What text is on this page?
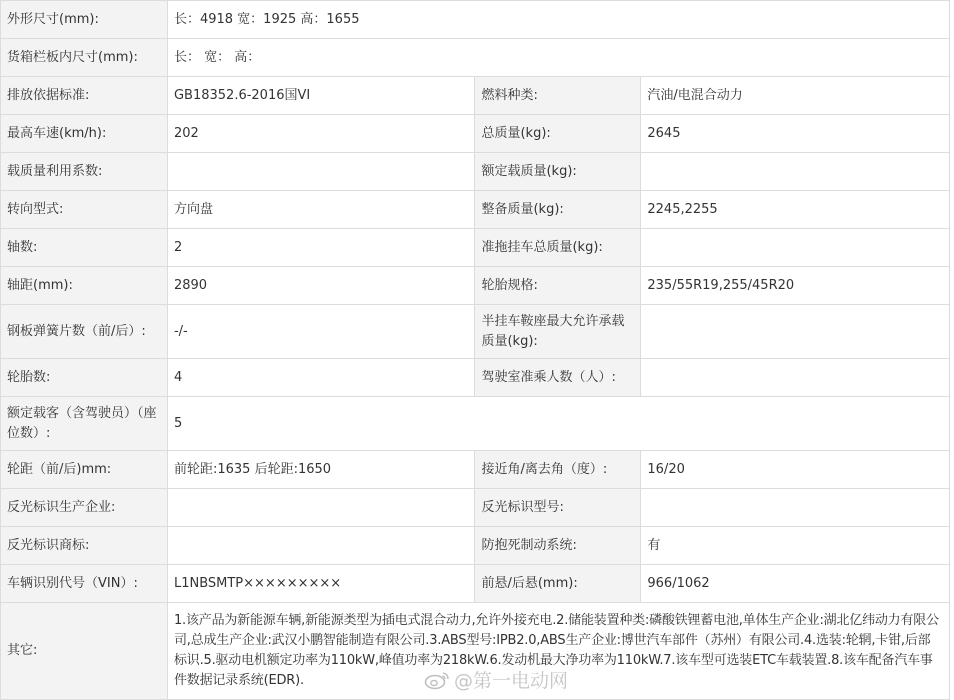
外形尺寸(mm):	长：4918 宽：1925 高：1655		
货箱栏板内尺寸(mm):	长： 宽： 高：		
排放依据标准:	GB18352.6-2016国VI	燃料种类:	汽油/电混合动力
最高车速(km/h):	202	总质量(kg):	2645
载质量利用系数:		额定载质量(kg):	
转向型式:	方向盘	整备质量(kg):	2245,2255
轴数:	2	准拖挂车总质量(kg):	
轴距(mm):	2890	轮胎规格:	235/55R19,255/45R20
钢板弹簧片数（前/后）:	-/-	半挂车鞍座最大允许承载质量(kg):	
轮胎数:	4	驾驶室准乘人数（人）:	
额定载客（含驾驶员）（座位数）:	5		
轮距（前/后)mm:	前轮距:1635 后轮距:1650	接近角/离去角（度）:	16/20
反光标识生产企业:		反光标识型号:	
反光标识商标:		防抱死制动系统:	有
车辆识别代号（VIN）:	L1NBSMTP×××××××××	前悬/后悬(mm):	966/1062
其它:	1.该产品为新能源车辆,新能源类型为插电式混合动力,允许外接充电.2.储能装置种类:磷酸铁锂蓄电池,单体生产企业:湖北亿纬动力有限公司,总成生产企业:武汉小鹏智能制造有限公司.3.ABS型号:IPB2.0,ABS生产企业:博世汽车部件（苏州）有限公司.4.选装:轮辋,卡钳,后部标识.5.驱动电机额定功率为110kW,峰值功率为218kW.6.发动机最大净功率为110kW.7.该车型可选装ETC车载装置.8.该车配备汽车事件数据记录系统(EDR).			@第一电动网
